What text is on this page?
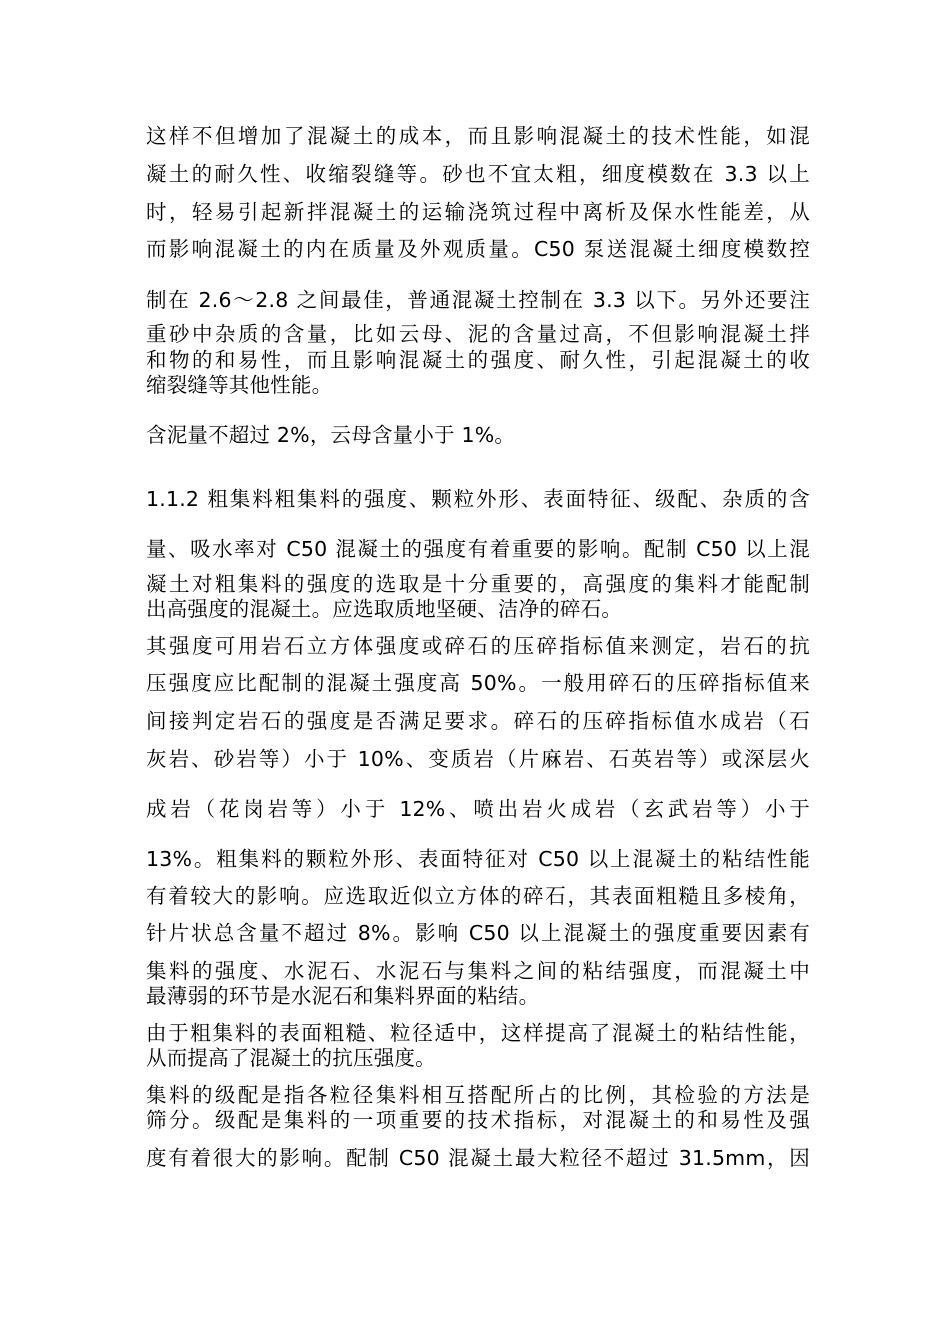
这样不但增加了混凝土的成本，而且影响混凝土的技术性能，如混
凝土的耐久性、收缩裂缝等。砂也不宜太粗，细度模数在 3.3 以上
时，轻易引起新拌混凝土的运输浇筑过程中离析及保水性能差，从
而影响混凝土的内在质量及外观质量。C50 泵送混凝土细度模数控
制在 2.6～2.8 之间最佳，普通混凝土控制在 3.3 以下。另外还要注
重砂中杂质的含量，比如云母、泥的含量过高，不但影响混凝土拌
和物的和易性，而且影响混凝土的强度、耐久性，引起混凝土的收
缩裂缝等其他性能。
含泥量不超过 2%，云母含量小于 1%。
1.1.2 粗集料粗集料的强度、颗粒外形、表面特征、级配、杂质的含
量、吸水率对 C50 混凝土的强度有着重要的影响。配制 C50 以上混
凝土对粗集料的强度的选取是十分重要的，高强度的集料才能配制
出高强度的混凝土。应选取质地坚硬、洁净的碎石。
其强度可用岩石立方体强度或碎石的压碎指标值来测定，岩石的抗
压强度应比配制的混凝土强度高 50%。一般用碎石的压碎指标值来
间接判定岩石的强度是否满足要求。碎石的压碎指标值水成岩（石
灰岩、砂岩等）小于 10%、变质岩（片麻岩、石英岩等）或深层火
成岩（花岗岩等）小于 12%、喷出岩火成岩（玄武岩等）小于
13%。粗集料的颗粒外形、表面特征对 C50 以上混凝土的粘结性能
有着较大的影响。应选取近似立方体的碎石，其表面粗糙且多棱角，
针片状总含量不超过 8%。影响 C50 以上混凝土的强度重要因素有
集料的强度、水泥石、水泥石与集料之间的粘结强度，而混凝土中
最薄弱的环节是水泥石和集料界面的粘结。
由于粗集料的表面粗糙、粒径适中，这样提高了混凝土的粘结性能，
从而提高了混凝土的抗压强度。
集料的级配是指各粒径集料相互搭配所占的比例，其检验的方法是
筛分。级配是集料的一项重要的技术指标，对混凝土的和易性及强
度有着很大的影响。配制 C50 混凝土最大粒径不超过 31.5mm，因
